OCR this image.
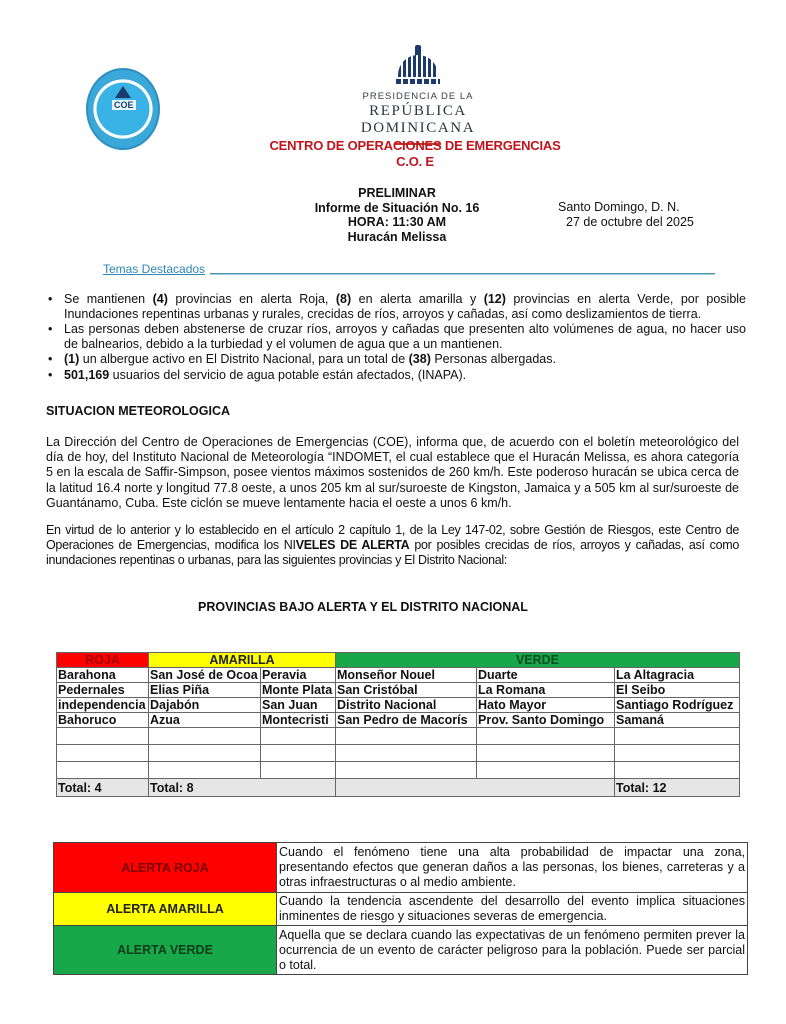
COE
PRESIDENCIA DE LA
REPÚBLICA DOMINICANA
CENTRO DE OPERACIONES DE EMERGENCIAS
C.O. E
PRELIMINAR
Informe de Situación No. 16
HORA: 11:30 AM
Huracán Melissa
Santo Domingo, D. N.
27 de octubre del 2025
Temas Destacados
• Se mantienen (4) provincias en alerta Roja, (8) en alerta amarilla y (12) provincias en alerta Verde, por posible Inundaciones repentinas urbanas y rurales, crecidas de ríos, arroyos y cañadas, así como deslizamientos de tierra.
• Las personas deben abstenerse de cruzar ríos, arroyos y cañadas que presenten alto volúmenes de agua, no hacer uso de balnearios, debido a la turbiedad y el volumen de agua que a un mantienen.
• (1) un albergue activo en El Distrito Nacional, para un total de (38) Personas albergadas.
• 501,169 usuarios del servicio de agua potable están afectados, (INAPA).
SITUACION METEOROLOGICA
La Dirección del Centro de Operaciones de Emergencias (COE), informa que, de acuerdo con el boletín meteorológico del día de hoy, del Instituto Nacional de Meteorología “INDOMET, el cual establece que el Huracán Melissa, es ahora categoría 5 en la escala de Saffir-Simpson, posee vientos máximos sostenidos de 260 km/h. Este poderoso huracán se ubica cerca de la latitud 16.4 norte y longitud 77.8 oeste, a unos 205 km al sur/suroeste de Kingston, Jamaica y a 505 km al sur/suroeste de Guantánamo, Cuba. Este ciclón se mueve lentamente hacia el oeste a unos 6 km/h.
En virtud de lo anterior y lo establecido en el artículo 2 capítulo 1, de la Ley 147-02, sobre Gestión de Riesgos, este Centro de Operaciones de Emergencias, modifica los NIVELES DE ALERTA por posibles crecidas de ríos, arroyos y cañadas, así como inundaciones repentinas o urbanas, para las siguientes provincias y El Distrito Nacional:
PROVINCIAS BAJO ALERTA Y EL DISTRITO NACIONAL
ROJA	AMARILLA		VERDE		
Barahona	San José de Ocoa	Peravia	Monseñor Nouel	Duarte	La Altagracia
Pedernales	Elias Piña	Monte Plata	San Cristóbal	La Romana	El Seibo
independencia	Dajabón	San Juan	Distrito Nacional	Hato Mayor	Santiago Rodríguez
Bahoruco	Azua	Montecristi	San Pedro de Macorís	Prov. Santo Domingo	Samaná

Total: 4	Total: 8				Total: 12
ALERTA ROJA	Cuando el fenómeno tiene una alta probabilidad de impactar una zona, presentando efectos que generan daños a las personas, los bienes, carreteras y a otras infraestructuras o al medio ambiente.
ALERTA AMARILLA	Cuando la tendencia ascendente del desarrollo del evento implica situaciones inminentes de riesgo y situaciones severas de emergencia.
ALERTA VERDE	Aquella que se declara cuando las expectativas de un fenómeno permiten prever la ocurrencia de un evento de carácter peligroso para la población. Puede ser parcial o total.
